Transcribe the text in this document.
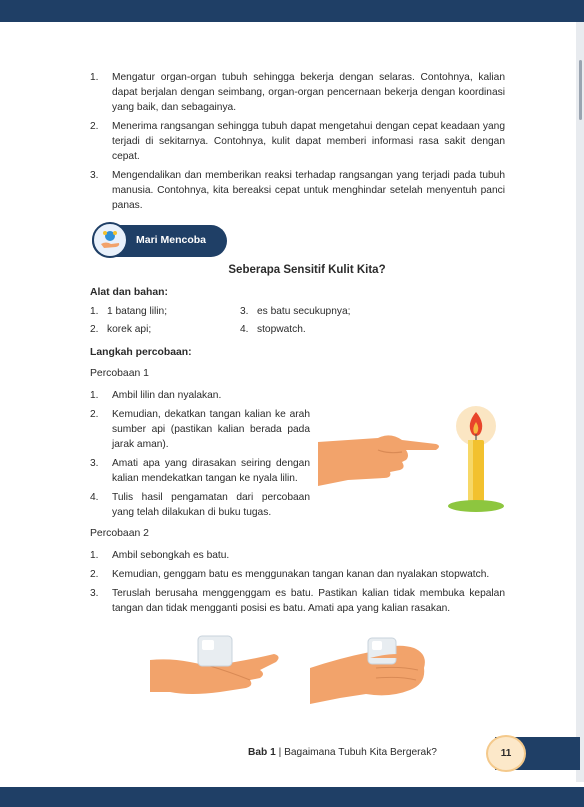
1. Mengatur organ-organ tubuh sehingga bekerja dengan selaras. Contohnya, kalian dapat berjalan dengan seimbang, organ-organ pencernaan bekerja dengan koordinasi yang baik, dan sebagainya.
2. Menerima rangsangan sehingga tubuh dapat mengetahui dengan cepat keadaan yang terjadi di sekitarnya. Contohnya, kulit dapat memberi informasi rasa sakit dengan cepat.
3. Mengendalikan dan memberikan reaksi terhadap rangsangan yang terjadi pada tubuh manusia. Contohnya, kita bereaksi cepat untuk menghindar setelah menyentuh panci panas.
Mari Mencoba
Seberapa Sensitif Kulit Kita?
Alat dan bahan:
1. 1 batang lilin;
2. korek api;
3. es batu secukupnya;
4. stopwatch.
Langkah percobaan:
Percobaan 1
1. Ambil lilin dan nyalakan.
2. Kemudian, dekatkan tangan kalian ke arah sumber api (pastikan kalian berada pada jarak aman).
3. Amati apa yang dirasakan seiring dengan kalian mendekatkan tangan ke nyala lilin.
4. Tulis hasil pengamatan dari percobaan yang telah dilakukan di buku tugas.
Percobaan 2
1. Ambil sebongkah es batu.
2. Kemudian, genggam batu es menggunakan tangan kanan dan nyalakan stopwatch.
3. Teruslah berusaha menggenggam es batu. Pastikan kalian tidak membuka kepalan tangan dan tidak mengganti posisi es batu. Amati apa yang kalian rasakan.
Bab 1 | Bagaimana Tubuh Kita Bergerak?	11
